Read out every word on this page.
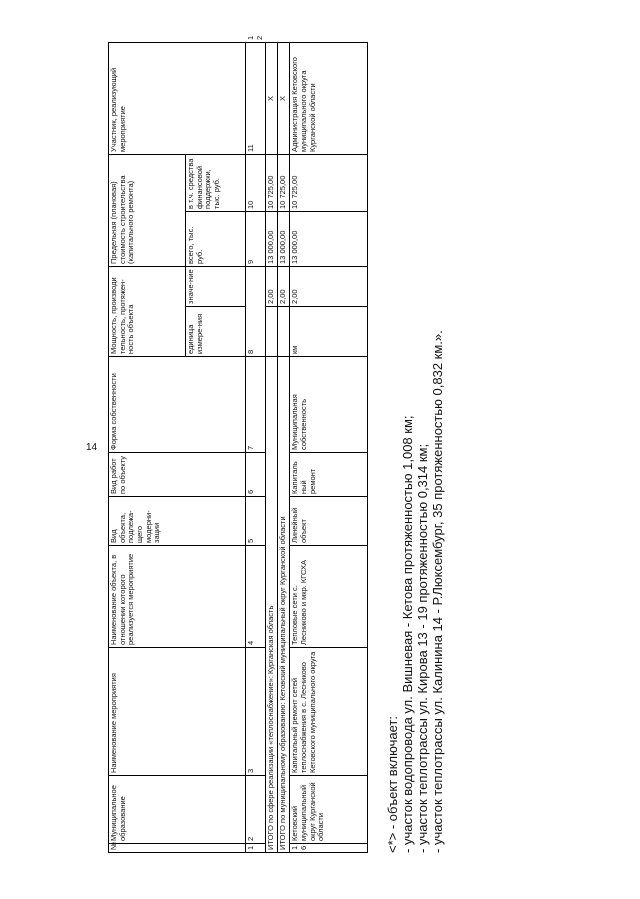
14
№	Муниципальное образование	Наименование мероприятия	Наименование объекта, в отношении которого реализуется мероприятие	Вид объекта, подлежа-щего модерни-зации	Вид работ по объекту	Форма собственности	Мощность, производи тельность, протяжен-ность объекта		Предельная (плановая) стоимость строительства (капитального ремонта)		Участник, реализующий мероприятие	
							единица измере-ния	значе-ние	всего, тыс. руб.	в т.ч. средства финансовой поддержки, тыс. руб.		
1	2	3	4	5	6	7	8		9	10	11	12
ИТОГО по сфере реализации «теплоснабжение»: Курганская область								2,00	13 000,00	10 725,00	Х	
ИТОГО по муниципальному образованию: Кетовский муниципальный округ Курганской области								2,00	13 000,00	10 725,00	Х	
16	Кетовский муниципальный округ Курганской области	Капитальный ремонт сетей теплоснабжения в с. Лесниково Кетовского муниципального округа	Тепловые сети с. Лесниково и мкр. КГСХА	Линейный объект	Капиталь ный ремонт	Муниципальная собственность	км	2,00	13 000,00	10 725,00	Администрация Кетовского муниципального округа Курганской области	
<*> - объект включает: - участок водопровода ул. Вишневая - Кетова протяженностью 1,008 км; - участок теплотрассы ул. Кирова 13 - 19 протяженностью 0,314 км; - участок теплотрассы ул. Калинина 14 - Р.Люксембург, 35 протяженностью 0,832 км.».
